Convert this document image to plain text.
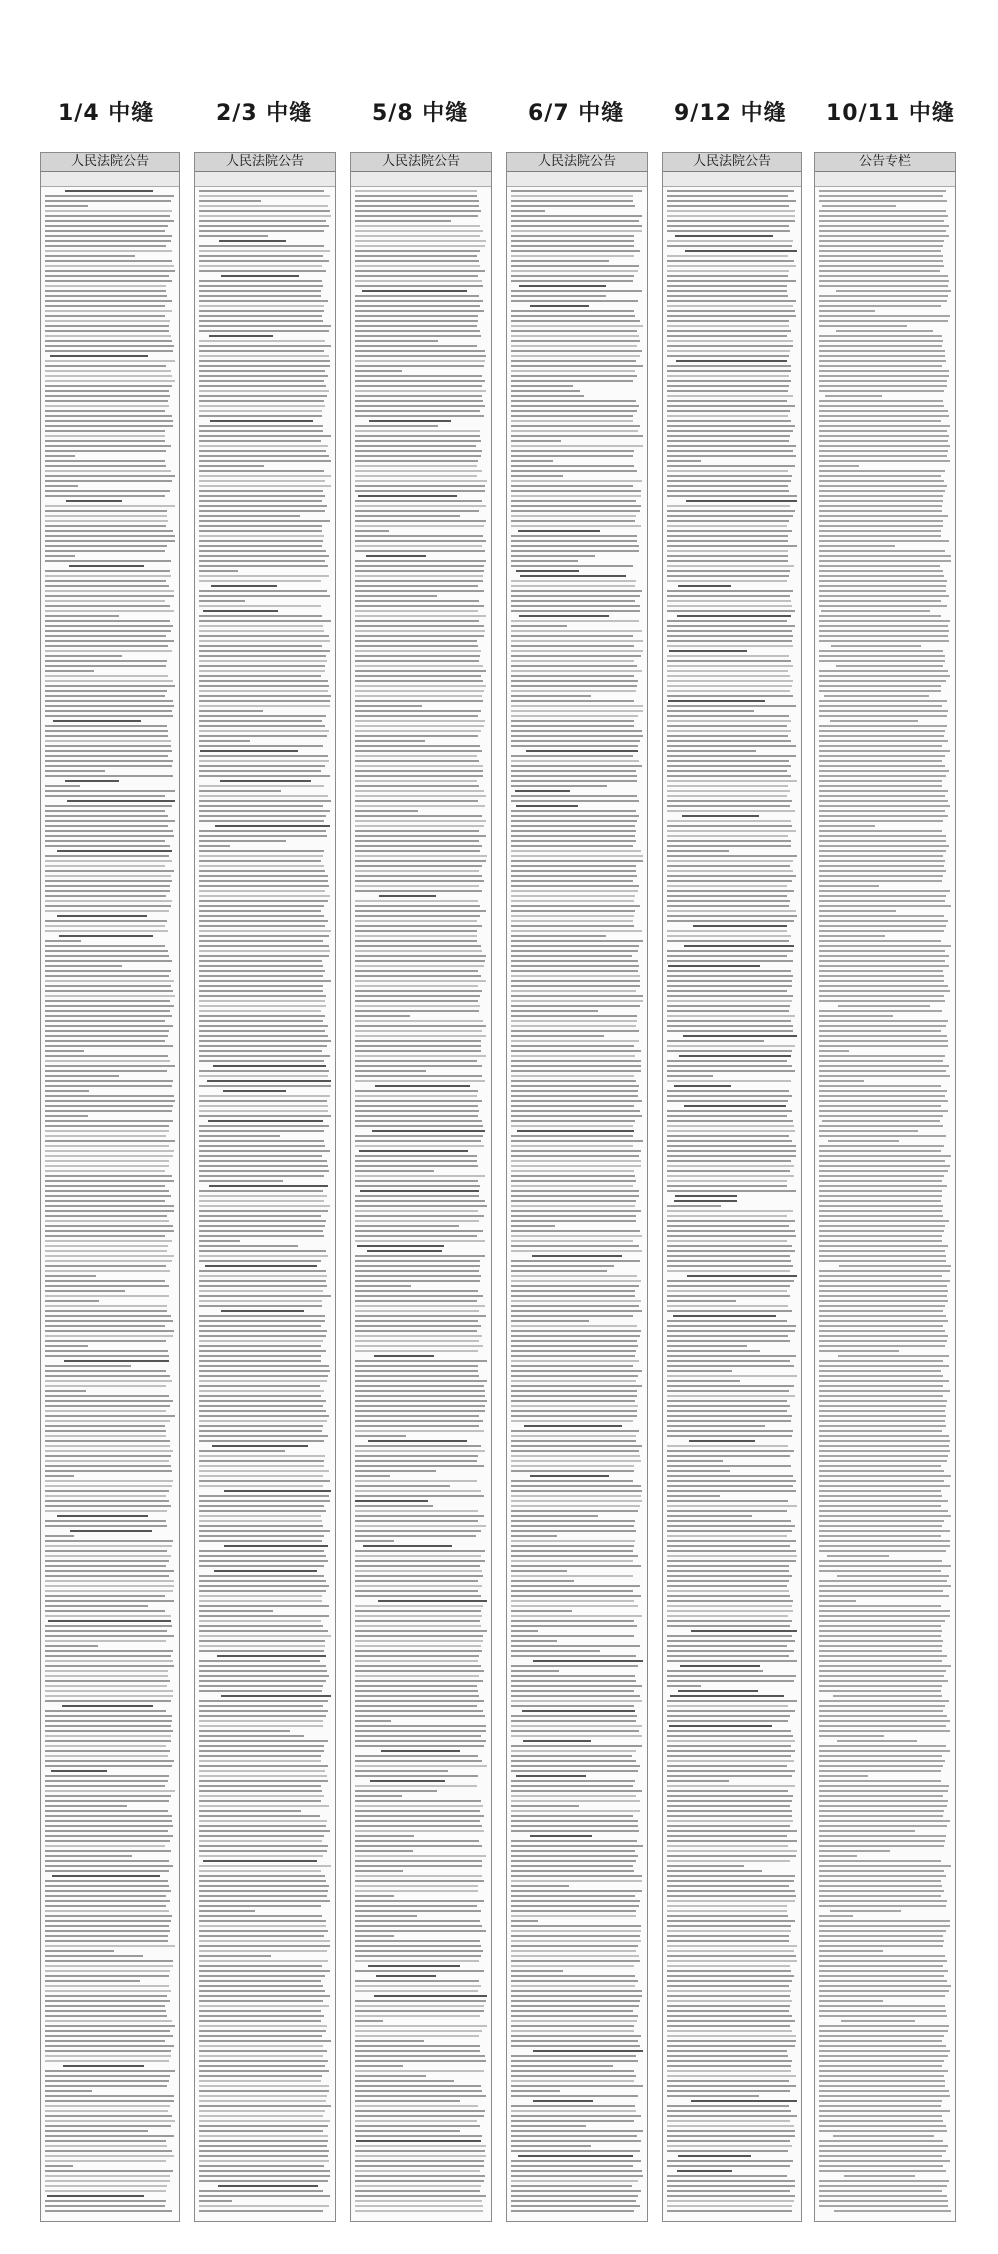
1/4 中缝	2/3 中缝	5/8 中缝	6/7 中缝 9/12 中缝 10/11 中缝
人民法院公告	人民法院公告	人民法院公告	人民法院公告	人民法院公告	公告专栏
